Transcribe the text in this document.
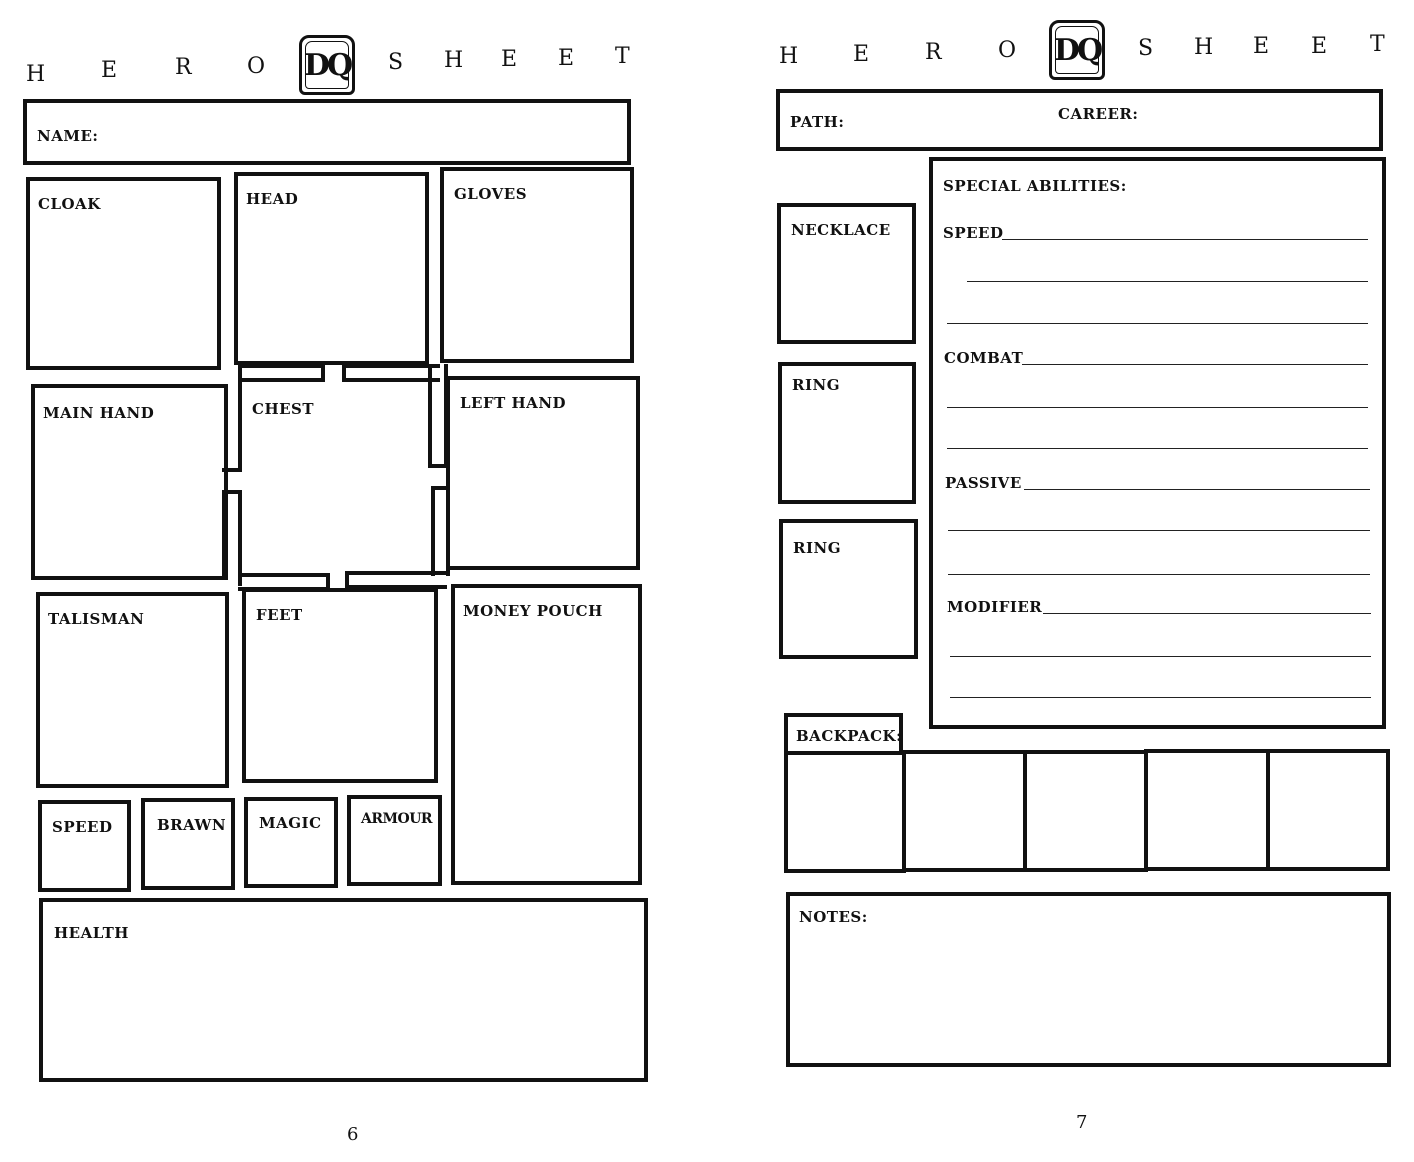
H	E	R	O DQ S H E E T
NAME:
CLOAK	HEAD	GLOVES
MAIN HAND	CHEST	LEFT HAND
TALISMAN	FEET	MONEY POUCH
SPEED	BRAWN MAGIC	ARMOUR
HEALTH
6
H E	R	O DQ S H E E T
PATH:	CAREER:
NECKLACE
RING
RING
SPECIAL ABILITIES:
SPEED
COMBAT
PASSIVE
MODIFIER
BACKPACK:
NOTES:
7
